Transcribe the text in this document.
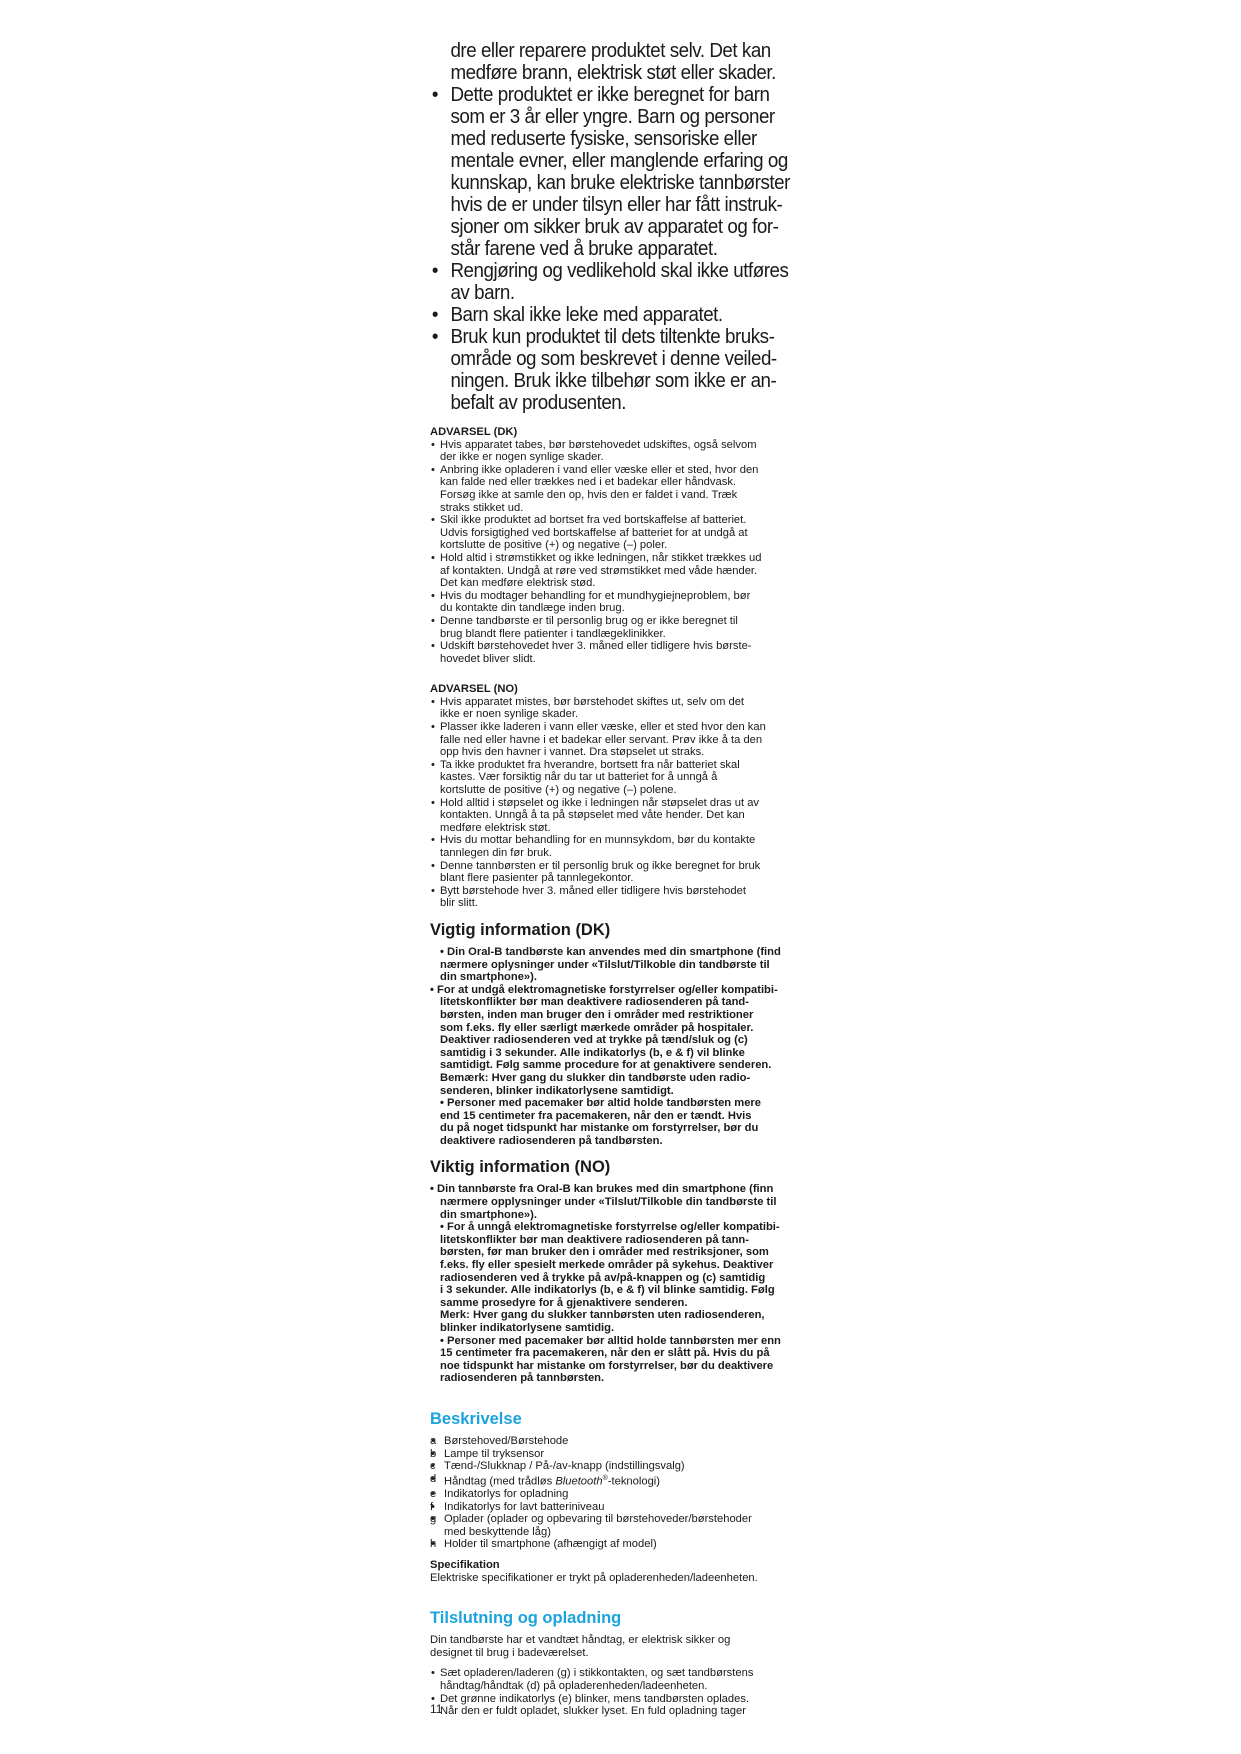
dre eller reparere produktet selv. Det kan
medføre brann, elektrisk støt eller skader.
• Dette produktet er ikke beregnet for barn
som er 3 år eller yngre. Barn og personer
med reduserte fysiske, sensoriske eller
mentale evner, eller manglende erfaring og
kunnskap, kan bruke elektriske tannbørster
hvis de er under tilsyn eller har fått instruk-
sjoner om sikker bruk av apparatet og for-
står farene ved å bruke apparatet.
• Rengjøring og vedlikehold skal ikke utføres
av barn.
• Barn skal ikke leke med apparatet.
• Bruk kun produktet til dets tiltenkte bruks-
område og som beskrevet i denne veiled-
ningen. Bruk ikke tilbehør som ikke er an-
befalt av produsenten.
ADVARSEL (DK)
• Hvis apparatet tabes, bør børstehovedet udskiftes, også selvom
der ikke er nogen synlige skader.
• Anbring ikke opladeren i vand eller væske eller et sted, hvor den
kan falde ned eller trækkes ned i et badekar eller håndvask.
Forsøg ikke at samle den op, hvis den er faldet i vand. Træk
straks stikket ud.
• Skil ikke produktet ad bortset fra ved bortskaffelse af batteriet.
Udvis forsigtighed ved bortskaffelse af batteriet for at undgå at
kortslutte de positive (+) og negative (–) poler.
• Hold altid i strømstikket og ikke ledningen, når stikket trækkes ud
af kontakten. Undgå at røre ved strømstikket med våde hænder.
Det kan medføre elektrisk stød.
• Hvis du modtager behandling for et mundhygiejneproblem, bør
du kontakte din tandlæge inden brug.
• Denne tandbørste er til personlig brug og er ikke beregnet til
brug blandt flere patienter i tandlægeklinikker.
• Udskift børstehovedet hver 3. måned eller tidligere hvis børste-
hovedet bliver slidt.
ADVARSEL (NO)
• Hvis apparatet mistes, bør børstehodet skiftes ut, selv om det
ikke er noen synlige skader.
• Plasser ikke laderen i vann eller væske, eller et sted hvor den kan
falle ned eller havne i et badekar eller servant. Prøv ikke å ta den
opp hvis den havner i vannet. Dra støpselet ut straks.
• Ta ikke produktet fra hverandre, bortsett fra når batteriet skal
kastes. Vær forsiktig når du tar ut batteriet for å unngå å
kortslutte de positive (+) og negative (–) polene.
• Hold alltid i støpselet og ikke i ledningen når støpselet dras ut av
kontakten. Unngå å ta på støpselet med våte hender. Det kan
medføre elektrisk støt.
• Hvis du mottar behandling for en munnsykdom, bør du kontakte
tannlegen din før bruk.
• Denne tannbørsten er til personlig bruk og ikke beregnet for bruk
blant flere pasienter på tannlegekontor.
• Bytt børstehode hver 3. måned eller tidligere hvis børstehodet
blir slitt.
Vigtig information (DK)
• Din Oral-B tandbørste kan anvendes med din smartphone (find
nærmere oplysninger under «Tilslut/Tilkoble din tandbørste til
din smartphone»).
• For at undgå elektromagnetiske forstyrrelser og/eller kompatibi-
litetskonflikter bør man deaktivere radiosenderen på tand-
børsten, inden man bruger den i områder med restriktioner
som f.eks. fly eller særligt mærkede områder på hospitaler.
Deaktiver radiosenderen ved at trykke på tænd/sluk og (c)
samtidig i 3 sekunder. Alle indikatorlys (b, e & f) vil blinke
samtidigt. Følg samme procedure for at genaktivere senderen.
Bemærk: Hver gang du slukker din tandbørste uden radio-
senderen, blinker indikatorlysene samtidigt.
• Personer med pacemaker bør altid holde tandbørsten mere
end 15 centimeter fra pacemakeren, når den er tændt. Hvis
du på noget tidspunkt har mistanke om forstyrrelser, bør du
deaktivere radiosenderen på tandbørsten.
Viktig information (NO)
• Din tannbørste fra Oral-B kan brukes med din smartphone (finn
nærmere opplysninger under «Tilslut/Tilkoble din tandbørste til
din smartphone»).
• For å unngå elektromagnetiske forstyrrelse og/eller kompatibi-
litetskonflikter bør man deaktivere radiosenderen på tann-
børsten, før man bruker den i områder med restriksjoner, som
f.eks. fly eller spesielt merkede områder på sykehus. Deaktiver
radiosenderen ved å trykke på av/på-knappen og (c) samtidig
i 3 sekunder. Alle indikatorlys (b, e & f) vil blinke samtidig. Følg
samme prosedyre for å gjenaktivere senderen.
Merk: Hver gang du slukker tannbørsten uten radiosenderen,
blinker indikatorlysene samtidig.
• Personer med pacemaker bør alltid holde tannbørsten mer enn
15 centimeter fra pacemakeren, når den er slått på. Hvis du på
noe tidspunkt har mistanke om forstyrrelser, bør du deaktivere
radiosenderen på tannbørsten.
Beskrivelse
• a Børstehoved/Børstehode
• b Lampe til tryksensor
• c Tænd-/Slukknap / På-/av-knapp (indstillingsvalg)
• d Håndtag (med trådløs Bluetooth®-teknologi)
• e Indikatorlys for opladning
• f Indikatorlys for lavt batteriniveau
• g Oplader (oplader og opbevaring til børstehoveder/børstehoder
med beskyttende låg)
• h Holder til smartphone (afhængigt af model)
Specifikation
Elektriske specifikationer er trykt på opladerenheden/ladeenheten.
Tilslutning og opladning
Din tandbørste har et vandtæt håndtag, er elektrisk sikker og
designet til brug i badeværelset.
• Sæt opladeren/laderen (g) i stikkontakten, og sæt tandbørstens
håndtag/håndtak (d) på opladerenheden/ladeenheten.
• Det grønne indikatorlys (e) blinker, mens tandbørsten oplades.
Når den er fuldt opladet, slukker lyset. En fuld opladning tager
11
